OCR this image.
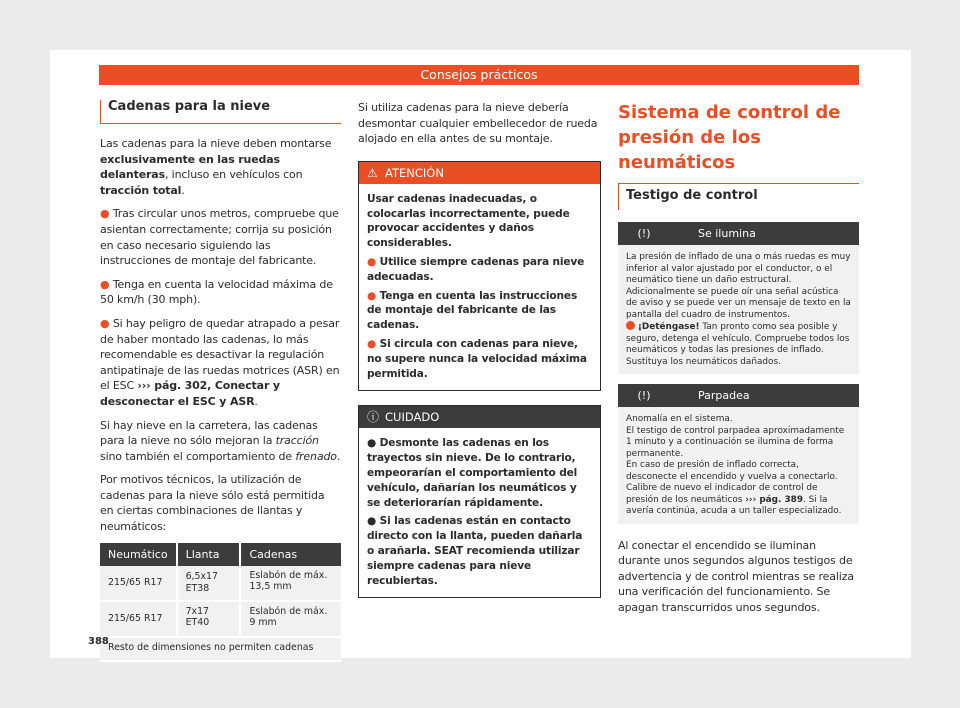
Consejos prácticos
Cadenas para la nieve

Las cadenas para la nieve deben montarse exclusivamente en las ruedas delanteras, incluso en vehículos con tracción total.

● Tras circular unos metros, compruebe que asientan correctamente; corrija su posición en caso necesario siguiendo las instrucciones de montaje del fabricante.

● Tenga en cuenta la velocidad máxima de 50 km/h (30 mph).

● Si hay peligro de quedar atrapado a pesar de haber montado las cadenas, lo más recomendable es desactivar la regulación antipatinaje de las ruedas motrices (ASR) en el ESC ››› pág. 302, Conectar y desconectar el ESC y ASR.

Si hay nieve en la carretera, las cadenas para la nieve no sólo mejoran la tracción sino también el comportamiento de frenado.

Por motivos técnicos, la utilización de cadenas para la nieve sólo está permitida en ciertas combinaciones de llantas y neumáticos:

Neumático	Llanta	Cadenas
215/65 R17	6,5x17 ET38	Eslabón de máx. 13,5 mm
215/65 R17	7x17 ET40	Eslabón de máx. 9 mm
Resto de dimensiones no permiten cadenas		

Si utiliza cadenas para la nieve debería desmontar cualquier embellecedor de rueda alojado en ella antes de su montaje.

⚠ ATENCIÓN

Usar cadenas inadecuadas, o colocarlas incorrectamente, puede provocar accidentes y daños considerables.

● Utilice siempre cadenas para nieve adecuadas.

● Tenga en cuenta las instrucciones de montaje del fabricante de las cadenas.

● Si circula con cadenas para nieve, no supere nunca la velocidad máxima permitida.

ⓘ CUIDADO

● Desmonte las cadenas en los trayectos sin nieve. De lo contrario, empeorarían el comportamiento del vehículo, dañarían los neumáticos y se deteriorarían rápidamente.

● Si las cadenas están en contacto directo con la llanta, pueden dañarla o arañarla. SEAT recomienda utilizar siempre cadenas para nieve recubiertas.

Sistema de control de presión de los neumáticos
Testigo de control
(!)	Se ilumina
La presión de inflado de una o más ruedas es muy inferior al valor ajustado por el conductor, o el neumático tiene un daño estructural.
Adicionalmente se puede oír una señal acústica de aviso y se puede ver un mensaje de texto en la pantalla del cuadro de instrumentos.
¡Deténgase! Tan pronto como sea posible y seguro, detenga el vehículo. Compruebe todos los neumáticos y todas las presiones de inflado. Sustituya los neumáticos dañados.
(!)	Parpadea
Anomalía en el sistema.
El testigo de control parpadea aproximadamente 1 minuto y a continuación se ilumina de forma permanente.
En caso de presión de inflado correcta, desconecte el encendido y vuelva a conectarlo. Calibre de nuevo el indicador de control de presión de los neumáticos ››› pág. 389. Si la avería continúa, acuda a un taller especializado.

Al conectar el encendido se iluminan durante unos segundos algunos testigos de advertencia y de control mientras se realiza una verificación del funcionamiento. Se apagan transcurridos unos segundos.

388
